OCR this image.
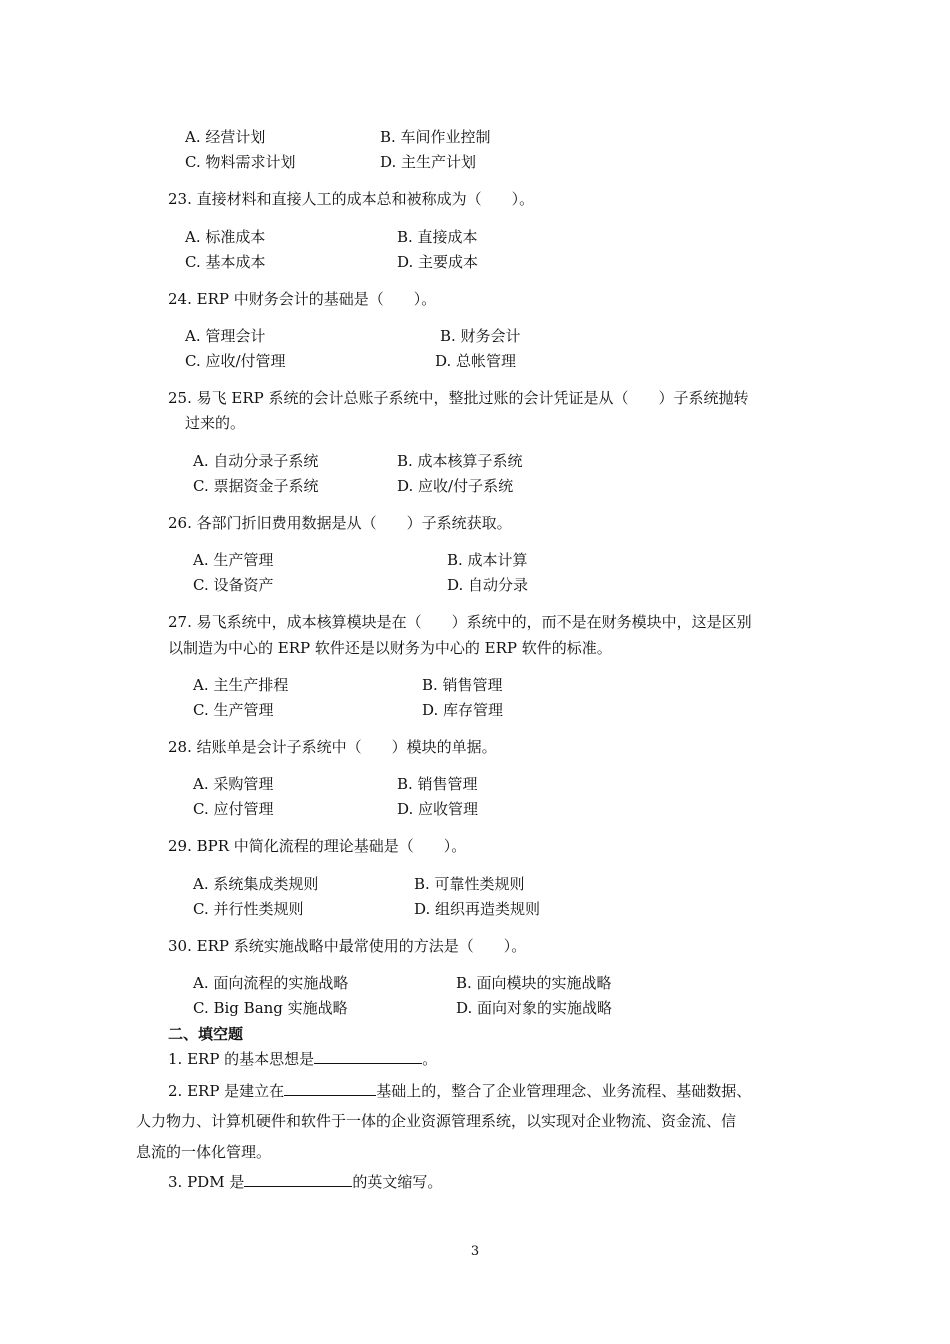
A. 经营计划	B. 车间作业控制
C. 物料需求计划	D. 主生产计划
23. 直接材料和直接人工的成本总和被称成为（　　）。
A. 标准成本	B. 直接成本
C. 基本成本	D. 主要成本
24. ERP 中财务会计的基础是（　　）。
A. 管理会计	B. 财务会计
C. 应收/付管理	D. 总帐管理
25. 易飞 ERP 系统的会计总账子系统中，整批过账的会计凭证是从（　　）子系统抛转
过来的。
A. 自动分录子系统	B. 成本核算子系统
C. 票据资金子系统	D. 应收/付子系统
26. 各部门折旧费用数据是从（　　）子系统获取。
A. 生产管理	B. 成本计算
C. 设备资产	D. 自动分录
27. 易飞系统中，成本核算模块是在（　　）系统中的，而不是在财务模块中，这是区别
以制造为中心的 ERP 软件还是以财务为中心的 ERP 软件的标准。
A. 主生产排程	B. 销售管理
C. 生产管理	D. 库存管理
28. 结账单是会计子系统中（　　）模块的单据。
A. 采购管理	B. 销售管理
C. 应付管理	D. 应收管理
29. BPR 中简化流程的理论基础是（　　）。
A. 系统集成类规则	B. 可靠性类规则
C. 并行性类规则	D. 组织再造类规则
30. ERP 系统实施战略中最常使用的方法是（　　）。
A. 面向流程的实施战略	B. 面向模块的实施战略
C. Big Bang 实施战略	D. 面向对象的实施战略
二、填空题
1. ERP 的基本思想是	。
2. ERP 是建立在	基础上的，整合了企业管理理念、业务流程、基础数据、
人力物力、计算机硬件和软件于一体的企业资源管理系统，以实现对企业物流、资金流、信
息流的一体化管理。
3. PDM 是	的英文缩写。
3
